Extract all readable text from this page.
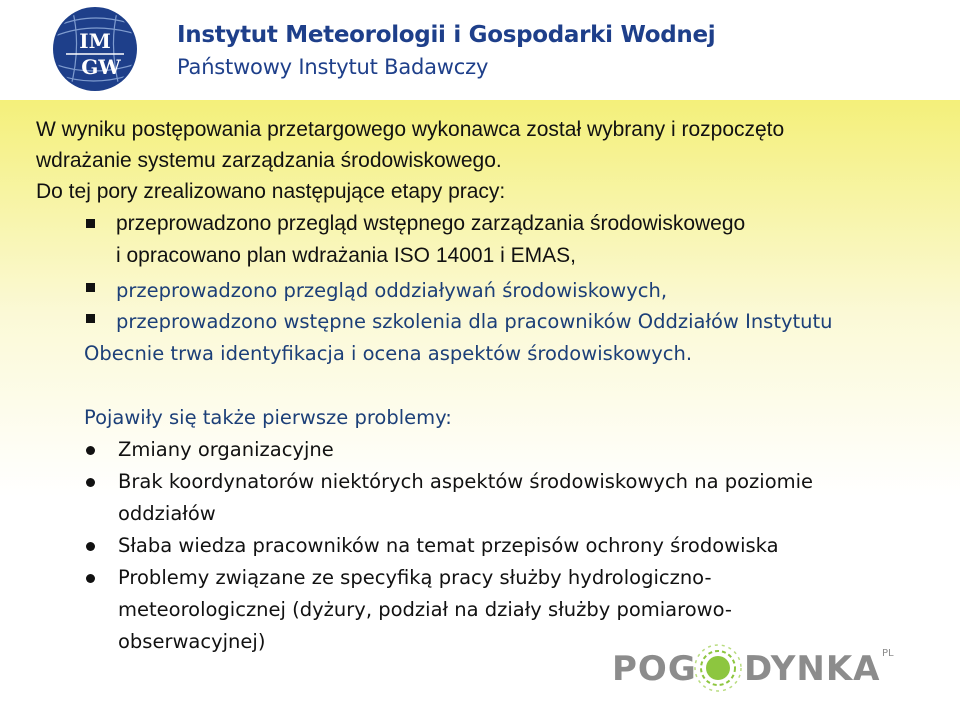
IM
GW

Instytut Meteorologii i Gospodarki Wodnej

Państwowy Instytut Badawczy

W wyniku postępowania przetargowego wykonawca został wybrany i rozpoczęto

wdrażanie systemu zarządzania środowiskowego.

Do tej pory zrealizowano następujące etapy pracy:

przeprowadzono przegląd wstępnego zarządzania środowiskowego

i opracowano plan wdrażania ISO 14001 i EMAS,

przeprowadzono przegląd oddziaływań środowiskowych,

przeprowadzono wstępne szkolenia dla pracowników Oddziałów Instytutu

Obecnie trwa identyfikacja i ocena aspektów środowiskowych.

Pojawiły się także pierwsze problemy:

Zmiany organizacyjne

Brak koordynatorów niektórych aspektów środowiskowych na poziomie

oddziałów

Słaba wiedza pracowników na temat przepisów ochrony środowiska

Problemy związane ze specyfiką pracy służby hydrologiczno-

meteorologicznej (dyżury, podział na działy służby pomiarowo-

obserwacyjnej)

POG DYNKA PL
